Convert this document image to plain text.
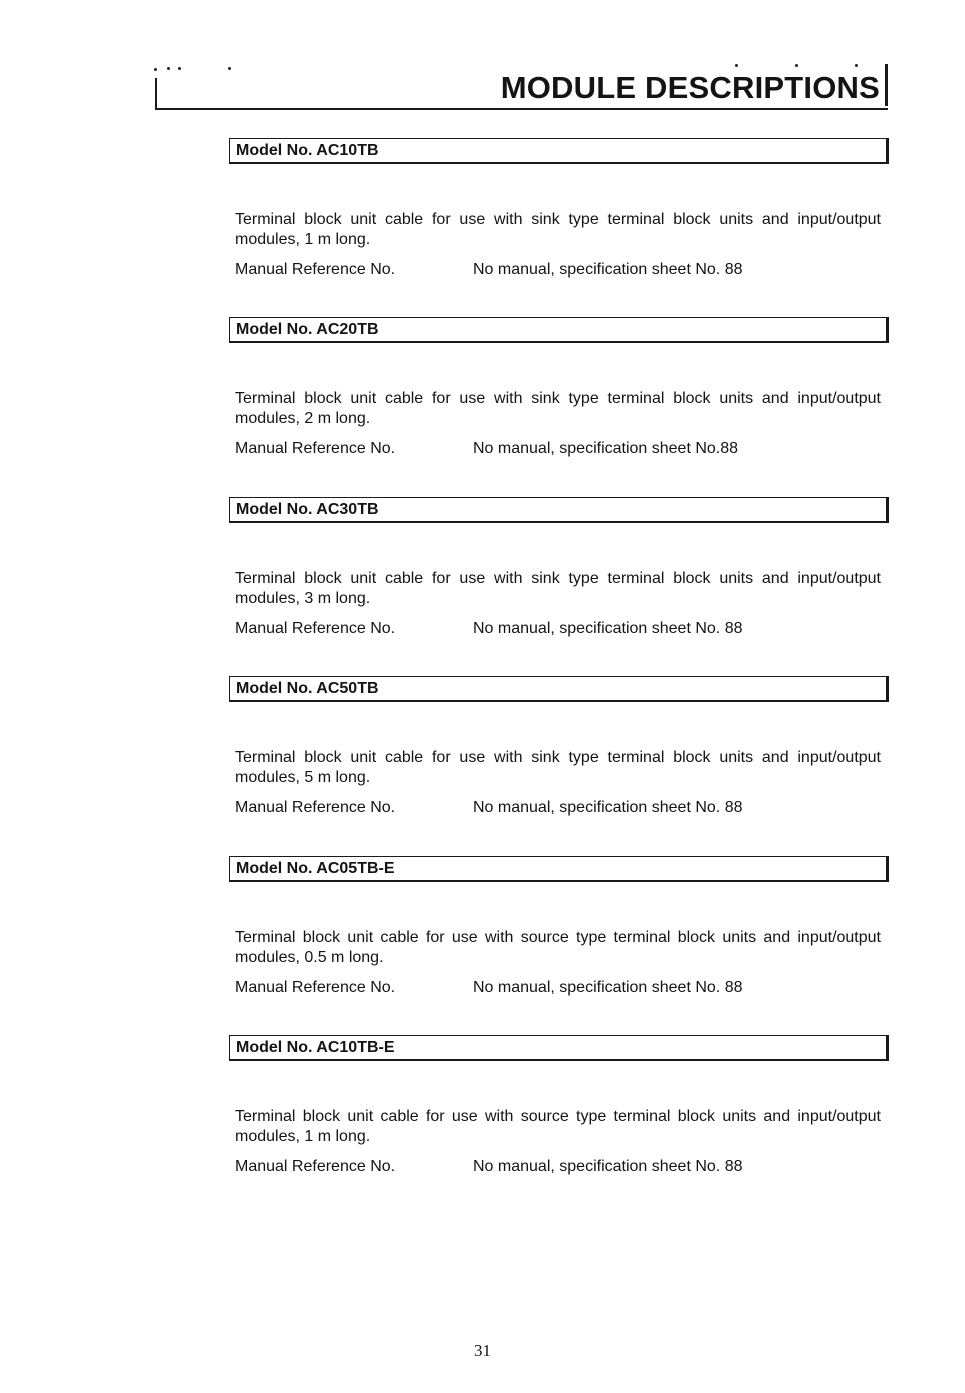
MODULE DESCRIPTIONS
Model No. AC10TB
Terminal block unit cable for use with sink type terminal block units and input/output modules, 1 m long.
Manual Reference No.	No manual, specification sheet No. 88
Model No. AC20TB
Terminal block unit cable for use with sink type terminal block units and input/output modules, 2 m long.
Manual Reference No.	No manual, specification sheet No.88
Model No. AC30TB
Terminal block unit cable for use with sink type terminal block units and input/output modules, 3 m long.
Manual Reference No.	No manual, specification sheet No. 88
Model No. AC50TB
Terminal block unit cable for use with sink type terminal block units and input/output modules, 5 m long.
Manual Reference No.	No manual, specification sheet No. 88
Model No. AC05TB-E
Terminal block unit cable for use with source type terminal block units and input/output modules, 0.5 m long.
Manual Reference No.	No manual, specification sheet No. 88
Model No. AC10TB-E
Terminal block unit cable for use with source type terminal block units and input/output modules, 1 m long.
Manual Reference No.	No manual, specification sheet No. 88
31
